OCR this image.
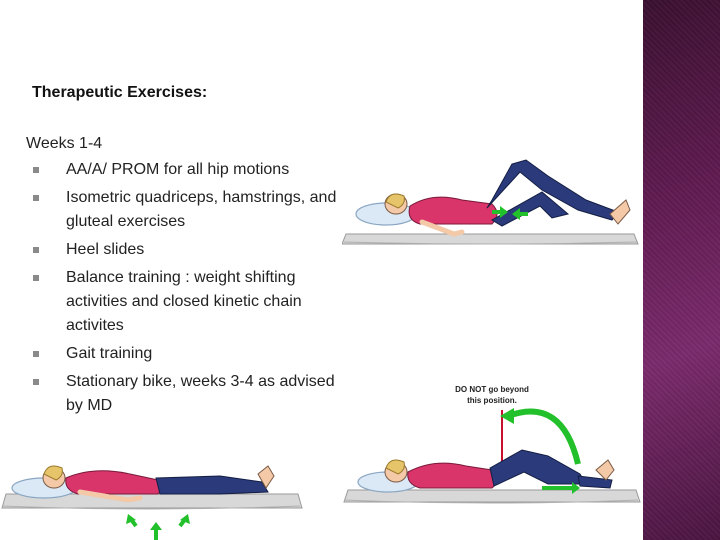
Therapeutic Exercises:
Weeks 1-4
AA/A/ PROM for all hip motions
Isometric quadriceps, hamstrings, and gluteal exercises
Heel slides
Balance training : weight shifting activities and closed kinetic chain activites
Gait training
Stationary bike, weeks 3-4 as advised by MD
DO NOT go beyond
this position.
